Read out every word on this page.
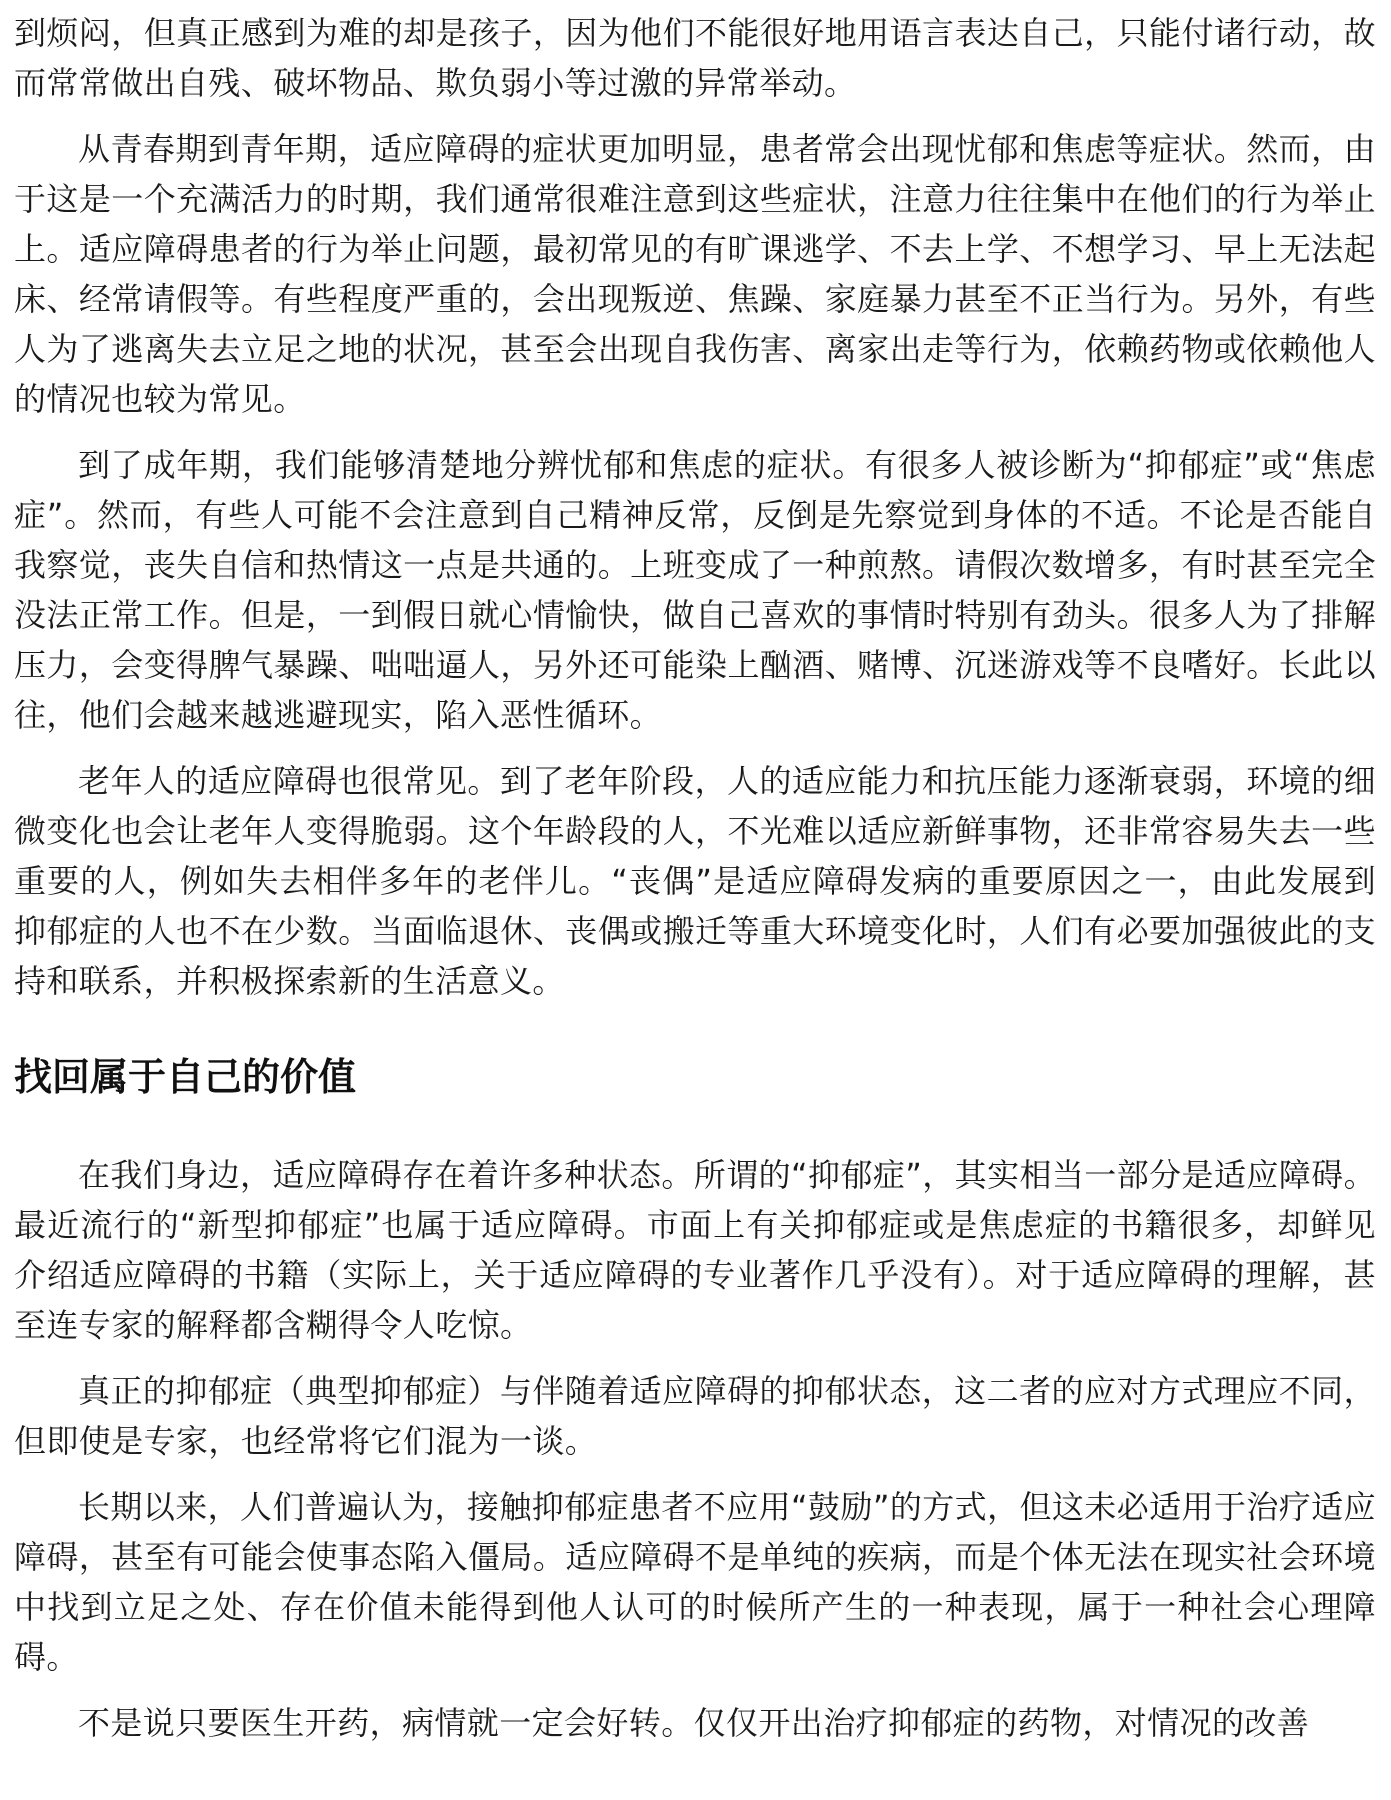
到烦闷，但真正感到为难的却是孩子，因为他们不能很好地用语言表达自己，只能付诸行动，故而常常做出自残、破坏物品、欺负弱小等过激的异常举动。

从青春期到青年期，适应障碍的症状更加明显，患者常会出现忧郁和焦虑等症状。然而，由于这是一个充满活力的时期，我们通常很难注意到这些症状，注意力往往集中在他们的行为举止上。适应障碍患者的行为举止问题，最初常见的有旷课逃学、不去上学、不想学习、早上无法起床、经常请假等。有些程度严重的，会出现叛逆、焦躁、家庭暴力甚至不正当行为。另外，有些人为了逃离失去立足之地的状况，甚至会出现自我伤害、离家出走等行为，依赖药物或依赖他人的情况也较为常见。

到了成年期，我们能够清楚地分辨忧郁和焦虑的症状。有很多人被诊断为“抑郁症”或“焦虑症”。然而，有些人可能不会注意到自己精神反常，反倒是先察觉到身体的不适。不论是否能自我察觉，丧失自信和热情这一点是共通的。上班变成了一种煎熬。请假次数增多，有时甚至完全没法正常工作。但是，一到假日就心情愉快，做自己喜欢的事情时特别有劲头。很多人为了排解压力，会变得脾气暴躁、咄咄逼人，另外还可能染上酗酒、赌博、沉迷游戏等不良嗜好。长此以往，他们会越来越逃避现实，陷入恶性循环。

老年人的适应障碍也很常见。到了老年阶段，人的适应能力和抗压能力逐渐衰弱，环境的细微变化也会让老年人变得脆弱。这个年龄段的人，不光难以适应新鲜事物，还非常容易失去一些重要的人，例如失去相伴多年的老伴儿。“丧偶”是适应障碍发病的重要原因之一，由此发展到抑郁症的人也不在少数。当面临退休、丧偶或搬迁等重大环境变化时，人们有必要加强彼此的支持和联系，并积极探索新的生活意义。

找回属于自己的价值

在我们身边，适应障碍存在着许多种状态。所谓的“抑郁症”，其实相当一部分是适应障碍。最近流行的“新型抑郁症”也属于适应障碍。市面上有关抑郁症或是焦虑症的书籍很多，却鲜见介绍适应障碍的书籍（实际上，关于适应障碍的专业著作几乎没有）。对于适应障碍的理解，甚至连专家的解释都含糊得令人吃惊。

真正的抑郁症（典型抑郁症）与伴随着适应障碍的抑郁状态，这二者的应对方式理应不同，但即使是专家，也经常将它们混为一谈。

长期以来，人们普遍认为，接触抑郁症患者不应用“鼓励”的方式，但这未必适用于治疗适应障碍，甚至有可能会使事态陷入僵局。适应障碍不是单纯的疾病，而是个体无法在现实社会环境中找到立足之处、存在价值未能得到他人认可的时候所产生的一种表现，属于一种社会心理障碍。

不是说只要医生开药，病情就一定会好转。仅仅开出治疗抑郁症的药物，对情况的改善
